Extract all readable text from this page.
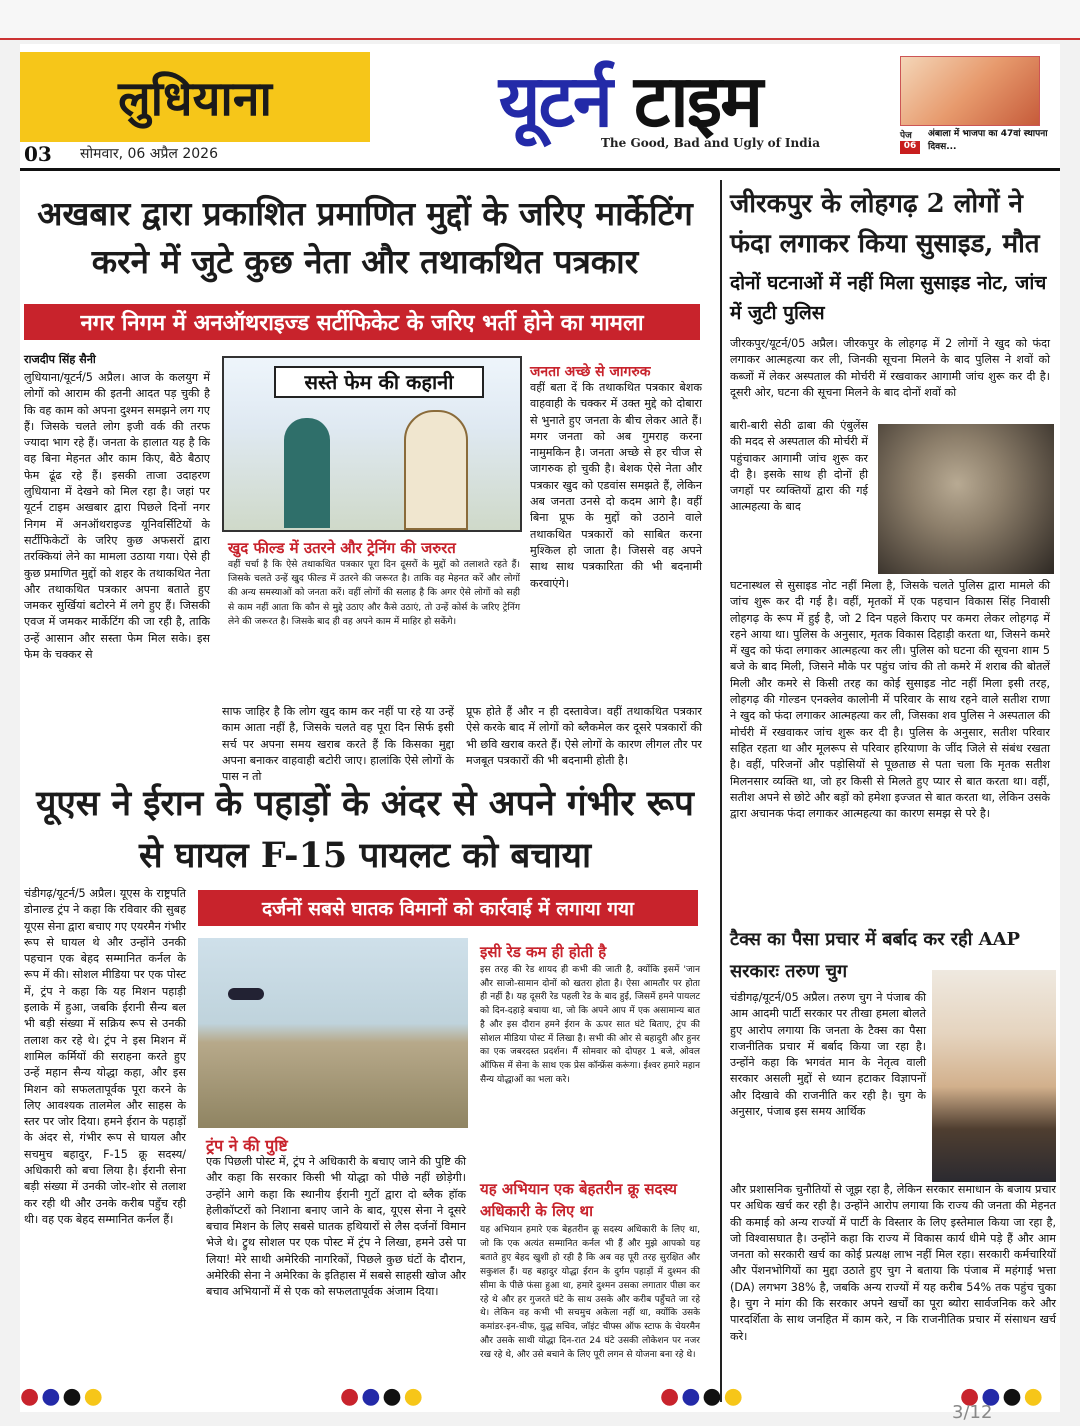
लुधियाना	यूटर्न टाइम
The Good, Bad and Ugly of India
03 सोमवार, 06 अप्रैल 2026
पेज
06
अंबाला में भाजपा का 47वां स्थापना दिवस...
अखबार द्वारा प्रकाशित प्रमाणित मुद्दों के जरिए मार्केटिंग करने में जुटे कुछ नेता और तथाकथित पत्रकार
नगर निगम में अनऑथराइज्ड सर्टीफिकेट के जरिए भर्ती होने का मामला
राजदीप सिंह सैनी
लुधियाना/यूटर्न/5 अप्रैल। आज के कलयुग में लोगों को आराम की इतनी आदत पड़ चुकी है कि वह काम को अपना दुश्मन समझने लग गए हैं। जिसके चलते लोग इजी वर्क की तरफ ज्यादा भाग रहे हैं। जनता के हालात यह है कि वह बिना मेहनत और काम किए, बैठे बैठाए फेम ढूंढ रहे हैं। इसकी ताजा उदाहरण लुधियाना में देखने को मिल रहा है। जहां पर यूटर्न टाइम अखबार द्वारा पिछले दिनों नगर निगम में अनऑथराइज्ड यूनिवर्सिटियों के सर्टीफिकेटों के जरिए कुछ अफसरों द्वारा तरक्कियां लेने का मामला उठाया गया। ऐसे ही कुछ प्रमाणित मुद्दों को शहर के तथाकथित नेता और तथाकथित पत्रकार अपना बताते हुए जमकर सुर्खियां बटोरने में लगे हुए हैं। जिसकी एवज में जमकर मार्केटिंग की जा रही है, ताकि उन्हें आसान और सस्ता फेम मिल सके। इस फेम के चक्कर से
सस्ते फेम की कहानी
खुद फील्ड में उतरने और ट्रेनिंग की जरुरत
वहीं चर्चा है कि ऐसे तथाकथित पत्रकार पूरा दिन दूसरों के मुद्दों को तलाशते रहते हैं। जिसके चलते उन्हें खुद फील्ड में उतरने की जरूरत है। ताकि वह मेहनत करें और लोगों की अन्य समस्याओं को जनता करें। वहीं लोगों की सलाह है कि अगर ऐसे लोगों को सही से काम नहीं आता कि कौन से मुद्दे उठाए और कैसे उठाएं, तो उन्हें कोर्स के जरिए ट्रेनिंग लेने की जरूरत है। जिसके बाद ही वह अपने काम में माहिर हो सकेंगे।
जनता अच्छे से जागरुक
वहीं बता दें कि तथाकथित पत्रकार बेशक वाहवाही के चक्कर में उक्त मुद्दे को दोबारा से भुनाते हुए जनता के बीच लेकर आते हैं। मगर जनता को अब गुमराह करना नामुमकिन है। जनता अच्छे से हर चीज से जागरुक हो चुकी है। बेशक ऐसे नेता और पत्रकार खुद को एडवांस समझते हैं, लेकिन अब जनता उनसे दो कदम आगे है। वहीं बिना प्रूफ के मुद्दों को उठाने वाले तथाकथित पत्रकारों को साबित करना मुश्किल हो जाता है। जिससे वह अपने साथ साथ पत्रकारिता की भी बदनामी करवाएंगे।
साफ जाहिर है कि लोग खुद काम कर नहीं पा रहे या उन्हें काम आता नहीं है, जिसके चलते वह पूरा दिन सिर्फ इसी सर्च पर अपना समय खराब करते हैं कि किसका मुद्दा अपना बनाकर वाहवाही बटोरी जाए। हालांकि ऐसे लोगों के पास न तो
प्रूफ होते हैं और न ही दस्तावेज। वहीं तथाकथित पत्रकार ऐसे करके बाद में लोगों को ब्लैकमेल कर दूसरे पत्रकारों की भी छवि खराब करते हैं। ऐसे लोगों के कारण लीगल तौर पर मजबूत पत्रकारों की भी बदनामी होती है।
यूएस ने ईरान के पहाड़ों के अंदर से अपने गंभीर रूप से घायल F-15 पायलट को बचाया
दर्जनों सबसे घातक विमानों को कार्रवाई में लगाया गया
चंडीगढ़/यूटर्न/5 अप्रैल। यूएस के राष्ट्रपति डोनाल्ड ट्रंप ने कहा कि रविवार की सुबह यूएस सेना द्वारा बचाए गए एयरमैन गंभीर रूप से घायल थे और उन्होंने उनकी पहचान एक बेहद सम्मानित कर्नल के रूप में की। सोशल मीडिया पर एक पोस्ट में, ट्रंप ने कहा कि यह मिशन पहाड़ी इलाके में हुआ, जबकि ईरानी सैन्य बल भी बड़ी संख्या में सक्रिय रूप से उनकी तलाश कर रहे थे। ट्रंप ने इस मिशन में शामिल कर्मियों की सराहना करते हुए उन्हें महान सैन्य योद्धा कहा, और इस मिशन को सफलतापूर्वक पूरा करने के लिए आवश्यक तालमेल और साहस के स्तर पर जोर दिया। हमने ईरान के पहाड़ों के अंदर से, गंभीर रूप से घायल और सचमुच बहादुर, F-15 क्रू सदस्य/अधिकारी को बचा लिया है। ईरानी सेना बड़ी संख्या में उनकी जोर-शोर से तलाश कर रही थी और उनके करीब पहुँच रही थी। वह एक बेहद सम्मानित कर्नल हैं।
ट्रंप ने की पुष्टि
एक पिछली पोस्ट में, ट्रंप ने अधिकारी के बचाए जाने की पुष्टि की और कहा कि सरकार किसी भी योद्धा को पीछे नहीं छोड़ेगी। उन्होंने आगे कहा कि स्थानीय ईरानी गुटों द्वारा दो ब्लैक हॉक हेलीकॉप्टरों को निशाना बनाए जाने के बाद, यूएस सेना ने दूसरे बचाव मिशन के लिए सबसे घातक हथियारों से लैस दर्जनों विमान भेजे थे। ट्रुथ सोशल पर एक पोस्ट में ट्रंप ने लिखा, हमने उसे पा लिया! मेरे साथी अमेरिकी नागरिकों, पिछले कुछ घंटों के दौरान, अमेरिकी सेना ने अमेरिका के इतिहास में सबसे साहसी खोज और बचाव अभियानों में से एक को सफलतापूर्वक अंजाम दिया।
इसी रेड कम ही होती है
इस तरह की रेड शायद ही कभी की जाती है, क्योंकि इसमें 'जान और साजो-सामान दोनों को खतरा होता है। ऐसा आमतौर पर होता ही नहीं है। यह दूसरी रेड पहली रेड के बाद हुई, जिसमें हमने पायलट को दिन-दहाड़े बचाया था, जो कि अपने आप में एक असामान्य बात है और इस दौरान हमने ईरान के ऊपर सात घंटे बिताए, ट्रंप की सोशल मीडिया पोस्ट में लिखा है। सभी की ओर से बहादुरी और हुनर का एक जबरदस्त प्रदर्शन। मैं सोमवार को दोपहर 1 बजे, ओवल ऑफिस में सेना के साथ एक प्रेस कॉन्फ्रेंस करूंगा। ईश्वर हमारे महान सैन्य योद्धाओं का भला करे।
यह अभियान एक बेहतरीन क्रू सदस्य अधिकारी के लिए था
यह अभियान हमारे एक बेहतरीन क्रू सदस्य अधिकारी के लिए था, जो कि एक अत्यंत सम्मानित कर्नल भी हैं और मुझे आपको यह बताते हुए बेहद खुशी हो रही है कि अब वह पूरी तरह सुरक्षित और सकुशल हैं। यह बहादुर योद्धा ईरान के दुर्गम पहाड़ों में दुश्मन की सीमा के पीछे फंसा हुआ था, हमारे दुश्मन उसका लगातार पीछा कर रहे थे और हर गुजरते घंटे के साथ उसके और करीब पहुँचते जा रहे थे। लेकिन वह कभी भी सचमुच अकेला नहीं था, क्योंकि उसके कमांडर-इन-चीफ, युद्ध सचिव, जॉइंट चीफ्स ऑफ स्टाफ के चेयरमैन और उसके साथी योद्धा दिन-रात 24 घंटे उसकी लोकेशन पर नजर रख रहे थे, और उसे बचाने के लिए पूरी लगन से योजना बना रहे थे।
जीरकपुर के लोहगढ़ 2 लोगों ने फंदा लगाकर किया सुसाइड, मौत
दोनों घटनाओं में नहीं मिला सुसाइड नोट, जांच में जुटी पुलिस
जीरकपुर/यूटर्न/05 अप्रैल। जीरकपुर के लोहगढ़ में 2 लोगों ने खुद को फंदा लगाकर आत्महत्या कर ली, जिनकी सूचना मिलने के बाद पुलिस ने शवों को कब्जों में लेकर अस्पताल की मोर्चरी में रखवाकर आगामी जांच शुरू कर दी है। दूसरी ओर, घटना की सूचना मिलने के बाद दोनों शवों को
बारी-बारी सेठी ढाबा की एंबुलेंस की मदद से अस्पताल की मोर्चरी में पहुंचाकर आगामी जांच शुरू कर दी है। इसके साथ ही दोनों ही जगहों पर व्यक्तियों द्वारा की गई आत्महत्या के बाद
घटनास्थल से सुसाइड नोट नहीं मिला है, जिसके चलते पुलिस द्वारा मामले की जांच शुरू कर दी गई है। वहीं, मृतकों में एक पहचान विकास सिंह निवासी लोहगढ़ के रूप में हुई है, जो 2 दिन पहले किराए पर कमरा लेकर लोहगढ़ में रहने आया था। पुलिस के अनुसार, मृतक विकास दिहाड़ी करता था, जिसने कमरे में खुद को फंदा लगाकर आत्महत्या कर ली। पुलिस को घटना की सूचना शाम 5 बजे के बाद मिली, जिसने मौके पर पहुंच जांच की तो कमरे में शराब की बोतलें मिली और कमरे से किसी तरह का कोई सुसाइड नोट नहीं मिला इसी तरह, लोहगढ़ की गोल्डन एनक्लेव कालोनी में परिवार के साथ रहने वाले सतीश राणा ने खुद को फंदा लगाकर आत्महत्या कर ली, जिसका शव पुलिस ने अस्पताल की मोर्चरी में रखवाकर जांच शुरू कर दी है। पुलिस के अनुसार, सतीश परिवार सहित रहता था और मूलरूप से परिवार हरियाणा के जींद जिले से संबंध रखता है। वहीं, परिजनों और पड़ोसियों से पूछताछ से पता चला कि मृतक सतीश मिलनसार व्यक्ति था, जो हर किसी से मिलते हुए प्यार से बात करता था। वहीं, सतीश अपने से छोटे और बड़ों को हमेशा इज्जत से बात करता था, लेकिन उसके द्वारा अचानक फंदा लगाकर आत्महत्या का कारण समझ से परे है।
टैक्स का पैसा प्रचार में बर्बाद कर रही AAP सरकारः तरुण चुग
चंडीगढ़/यूटर्न/05 अप्रैल। तरुण चुग ने पंजाब की आम आदमी पार्टी सरकार पर तीखा हमला बोलते हुए आरोप लगाया कि जनता के टैक्स का पैसा राजनीतिक प्रचार में बर्बाद किया जा रहा है। उन्होंने कहा कि भगवंत मान के नेतृत्व वाली सरकार असली मुद्दों से ध्यान हटाकर विज्ञापनों और दिखावे की राजनीति कर रही है। चुग के अनुसार, पंजाब इस समय आर्थिक
और प्रशासनिक चुनौतियों से जूझ रहा है, लेकिन सरकार समाधान के बजाय प्रचार पर अधिक खर्च कर रही है। उन्होंने आरोप लगाया कि राज्य की जनता की मेहनत की कमाई को अन्य राज्यों में पार्टी के विस्तार के लिए इस्तेमाल किया जा रहा है, जो विश्वासघात है। उन्होंने कहा कि राज्य में विकास कार्य धीमे पड़े हैं और आम जनता को सरकारी खर्च का कोई प्रत्यक्ष लाभ नहीं मिल रहा। सरकारी कर्मचारियों और पेंशनभोगियों का मुद्दा उठाते हुए चुग ने बताया कि पंजाब में महंगाई भत्ता (DA) लगभग 38% है, जबकि अन्य राज्यों में यह करीब 54% तक पहुंच चुका है। चुग ने मांग की कि सरकार अपने खर्चों का पूरा ब्योरा सार्वजनिक करे और पारदर्शिता के साथ जनहित में काम करे, न कि राजनीतिक प्रचार में संसाधन खर्च करे।
●●●●	●●●●	●●●●	●●●●
3/12
